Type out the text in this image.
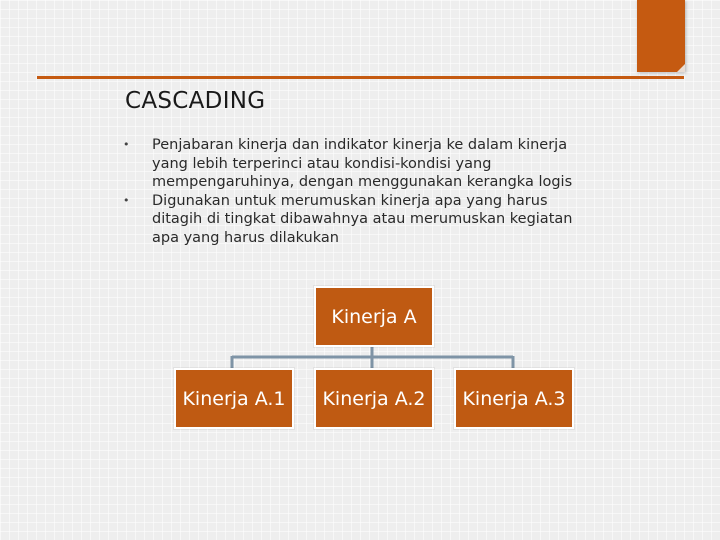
CASCADING
• Penjabaran kinerja dan indikator kinerja ke dalam kinerja yang lebih terperinci atau kondisi-kondisi yang mempengaruhinya, dengan menggunakan kerangka logis
• Digunakan untuk merumuskan kinerja apa yang harus ditagih di tingkat dibawahnya atau merumuskan kegiatan apa yang harus dilakukan
Kinerja A
Kinerja A.1	Kinerja A.2	Kinerja A.3
